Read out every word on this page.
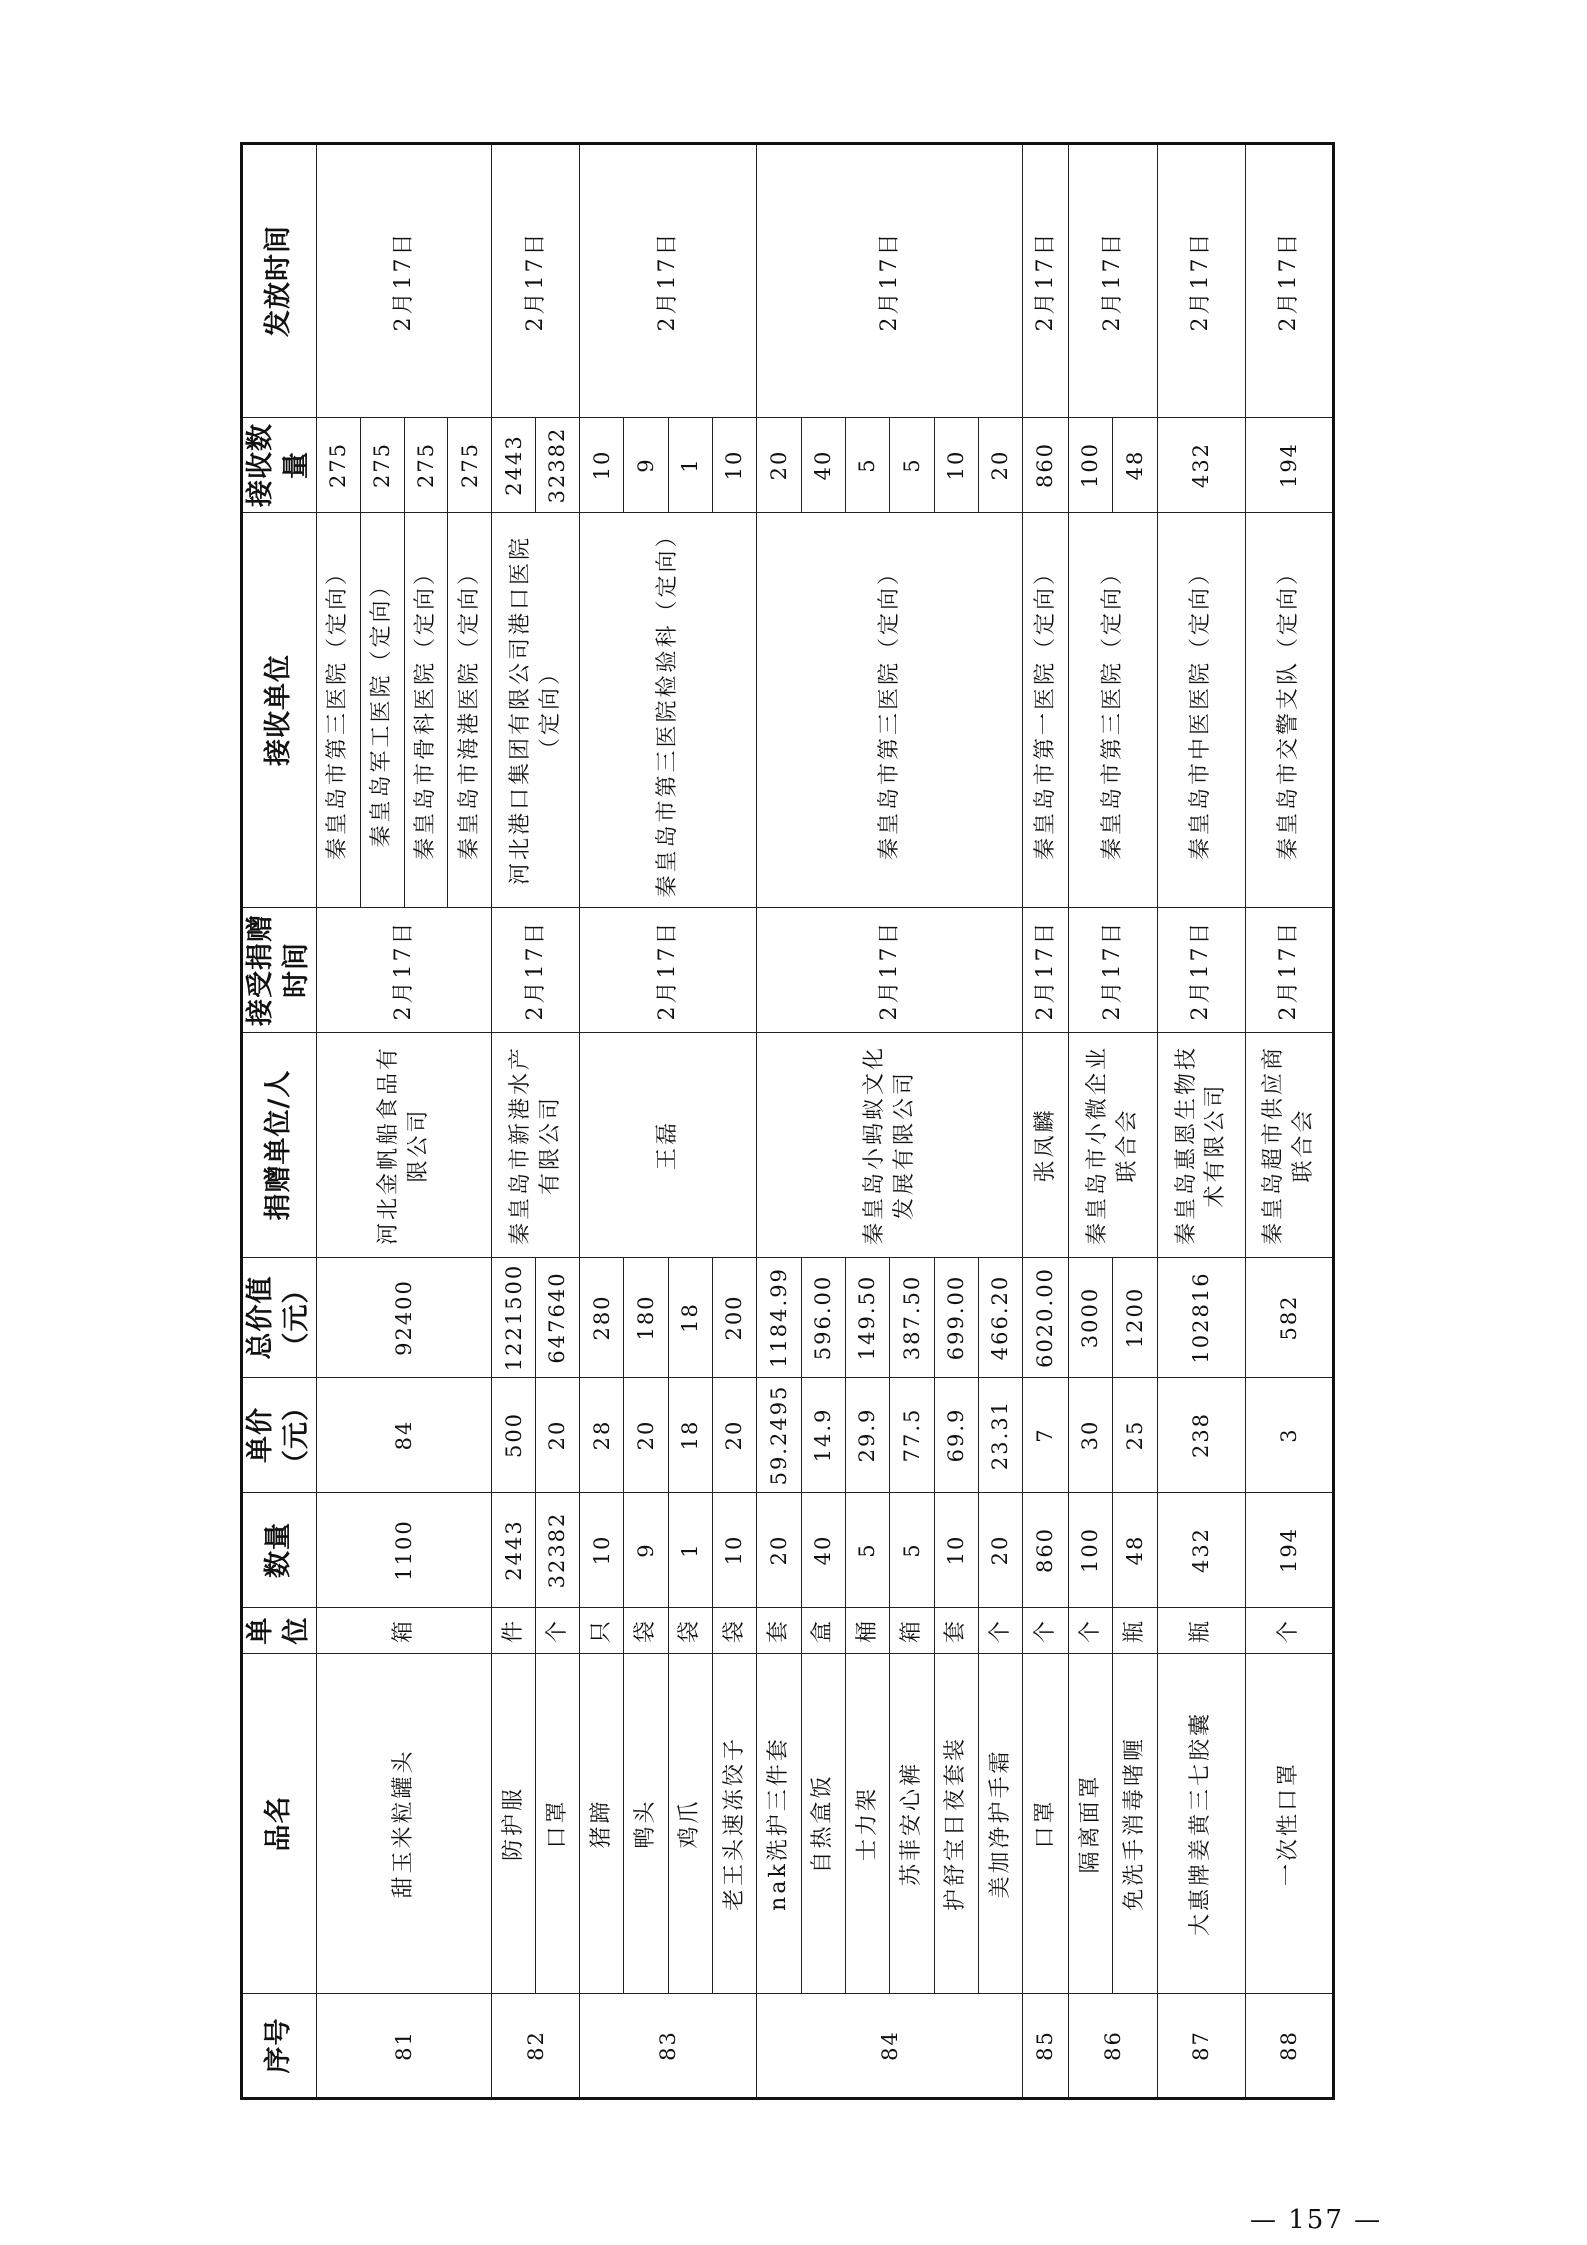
序号	品名	单位	数量	单价（元）	总价值（元）	捐赠单位/人	接受捐赠时间	接收单位	接收数量	发放时间
81	甜玉米粒罐头	箱	1100	84	92400	河北金帆船食品有限公司	2月17日	秦皇岛市第三医院（定向）	275	2月17日
								秦皇岛军工医院（定向）	275	
								秦皇岛市骨科医院（定向）	275	
								秦皇岛市海港医院（定向）	275	
82	防护服	件	2443	500	1221500	秦皇岛市新港水产有限公司	2月17日	河北港口集团有限公司港口医院（定向）	2443	2月17日
	口罩	个	32382	20	647640				32382	
83	猪蹄	只	10	28	280	王磊	2月17日	秦皇岛市第三医院检验科（定向）	10	2月17日
	鸭头	袋	9	20	180				9	
	鸡爪	袋	1	18	18				1	
	老王头速冻饺子	袋	10	20	200				10	
84	nak洗护三件套	套	20	59.2495	1184.99	秦皇岛小蚂蚁文化发展有限公司	2月17日	秦皇岛市第三医院（定向）	20	2月17日
	自热盒饭	盒	40	14.9	596.00				40	
	士力架	桶	5	29.9	149.50				5	
	苏菲安心裤	箱	5	77.5	387.50				5	
	护舒宝日夜套装	套	10	69.9	699.00				10	
	美加净护手霜	个	20	23.31	466.20				20	
85	口罩	个	860	7	6020.00	张凤麟	2月17日	秦皇岛市第一医院（定向）	860	2月17日
86	隔离面罩	个	100	30	3000	秦皇岛市小微企业联合会	2月17日	秦皇岛市第三医院（定向）	100	2月17日
	免洗手消毒啫喱	瓶	48	25	1200				48	
87	大惠牌姜黄三七胶囊	瓶	432	238	102816	秦皇岛惠恩生物技术有限公司	2月17日	秦皇岛市中医医院（定向）	432	2月17日
88	一次性口罩	个	194	3	582	秦皇岛超市供应商联合会	2月17日	秦皇岛市交警支队（定向）	194	2月17日
— 157 —
